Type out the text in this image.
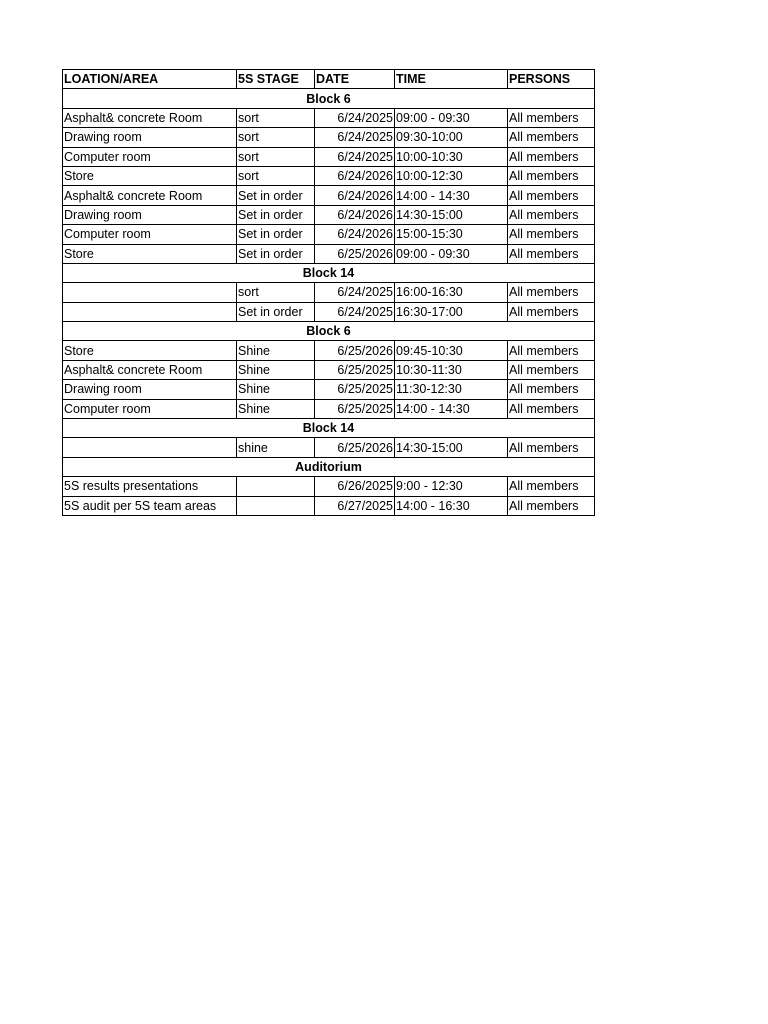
LOATION/AREA	5S STAGE	DATE	TIME	PERSONS
Block 6				
Asphalt& concrete Room	sort	6/24/2025	09:00 - 09:30	All members
Drawing room	sort	6/24/2025	09:30-10:00	All members
Computer room	sort	6/24/2025	10:00-10:30	All members
Store	sort	6/24/2026	10:00-12:30	All members
Asphalt& concrete Room	Set in order	6/24/2026	14:00 - 14:30	All members
Drawing room	Set in order	6/24/2026	14:30-15:00	All members
Computer room	Set in order	6/24/2026	15:00-15:30	All members
Store	Set in order	6/25/2026	09:00 - 09:30	All members
Block 14				
	sort	6/24/2025	16:00-16:30	All members
	Set in order	6/24/2025	16:30-17:00	All members
Block 6				
Store	Shine	6/25/2026	09:45-10:30	All members
Asphalt& concrete Room	Shine	6/25/2025	10:30-11:30	All members
Drawing room	Shine	6/25/2025	11:30-12:30	All members
Computer room	Shine	6/25/2025	14:00 - 14:30	All members
Block 14				
	shine	6/25/2026	14:30-15:00	All members
Auditorium				
5S results presentations		6/26/2025	9:00 - 12:30	All members
5S audit per 5S team areas		6/27/2025	14:00 - 16:30	All members
